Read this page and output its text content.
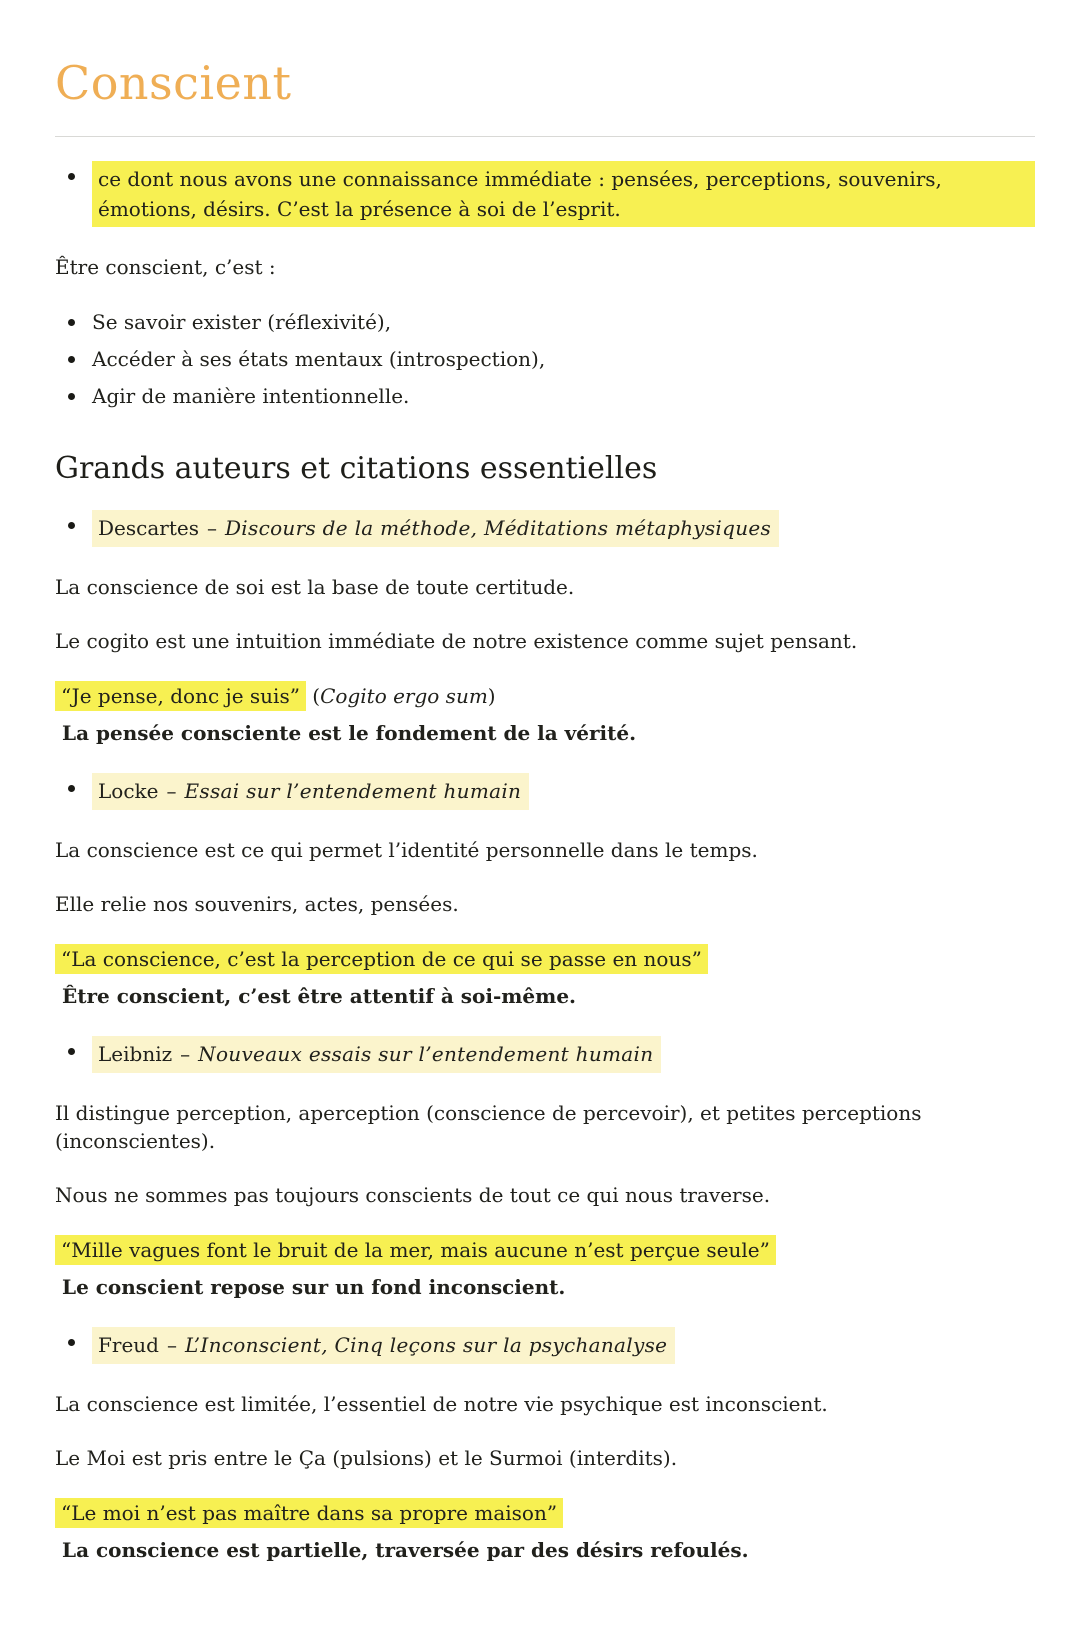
Conscient
ce dont nous avons une connaissance immédiate : pensées, perceptions, souvenirs, émotions, désirs. C’est la présence à soi de l’esprit.

Être conscient, c’est :

Se savoir exister (réflexivité),
Accéder à ses états mentaux (introspection),
Agir de manière intentionnelle.
Grands auteurs et citations essentielles
Descartes – Discours de la méthode, Méditations métaphysiques

La conscience de soi est la base de toute certitude.

Le cogito est une intuition immédiate de notre existence comme sujet pensant.

“Je pense, donc je suis” (Cogito ergo sum)
La pensée consciente est le fondement de la vérité.
Locke – Essai sur l’entendement humain

La conscience est ce qui permet l’identité personnelle dans le temps.

Elle relie nos souvenirs, actes, pensées.

“La conscience, c’est la perception de ce qui se passe en nous”
Être conscient, c’est être attentif à soi-même.
Leibniz – Nouveaux essais sur l’entendement humain

Il distingue perception, aperception (conscience de percevoir), et petites perceptions (inconscientes).

Nous ne sommes pas toujours conscients de tout ce qui nous traverse.

“Mille vagues font le bruit de la mer, mais aucune n’est perçue seule”
Le conscient repose sur un fond inconscient.
Freud – L’Inconscient, Cinq leçons sur la psychanalyse

La conscience est limitée, l’essentiel de notre vie psychique est inconscient.

Le Moi est pris entre le Ça (pulsions) et le Surmoi (interdits).

“Le moi n’est pas maître dans sa propre maison”
La conscience est partielle, traversée par des désirs refoulés.
